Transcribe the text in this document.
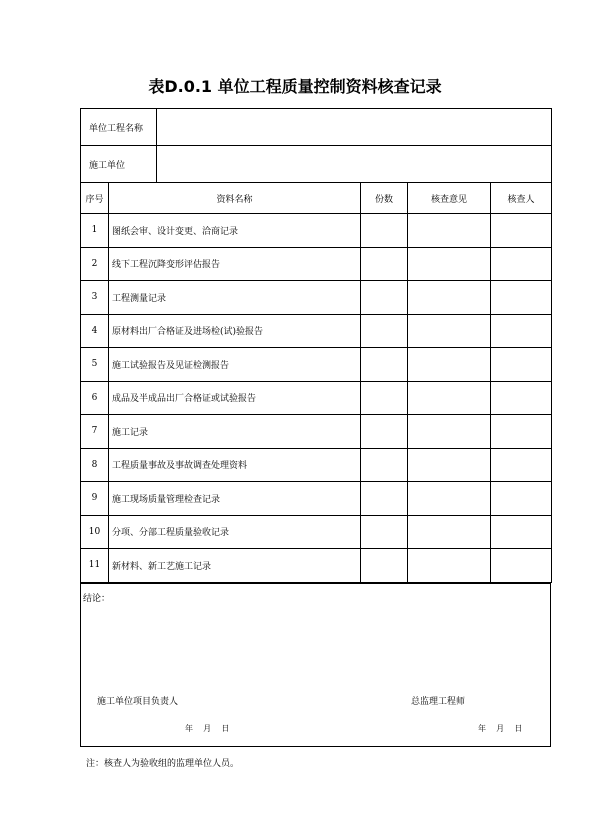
表D.0.1 单位工程质量控制资料核查记录
单位工程名称					
施工单位					
序号	资料名称		份数	核查意见	核查人
1	图纸会审、设计变更、洽商记录				
2	线下工程沉降变形评估报告				
3	工程测量记录				
4	原材料出厂合格证及进场检(试)验报告				
5	施工试验报告及见证检测报告				
6	成品及半成品出厂合格证或试验报告				
7	施工记录				
8	工程质量事故及事故调查处理资料				
9	施工现场质量管理检查记录				
10	分项、分部工程质量验收记录				
11	新材料、新工艺施工记录				
结论：
施工单位项目负责人	总监理工程师
年    月    日	年    月    日
注：核查人为验收组的监理单位人员。
